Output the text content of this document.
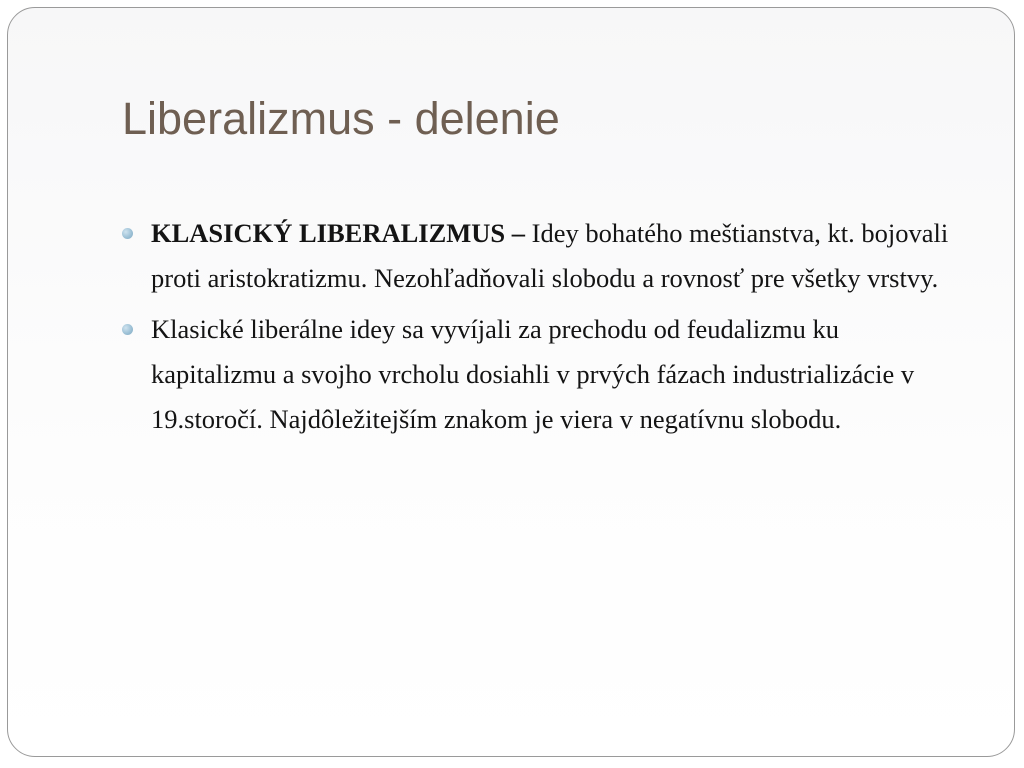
Liberalizmus - delenie
KLASICKÝ LIBERALIZMUS – Idey bohatého meštianstva, kt. bojovali proti aristokratizmu. Nezohľadňovali slobodu a rovnosť pre všetky vrstvy.
Klasické liberálne idey sa vyvíjali za prechodu od feudalizmu ku kapitalizmu a svojho vrcholu dosiahli v prvých fázach industrializácie v 19.storočí. Najdôležitejším znakom je viera v negatívnu slobodu.
